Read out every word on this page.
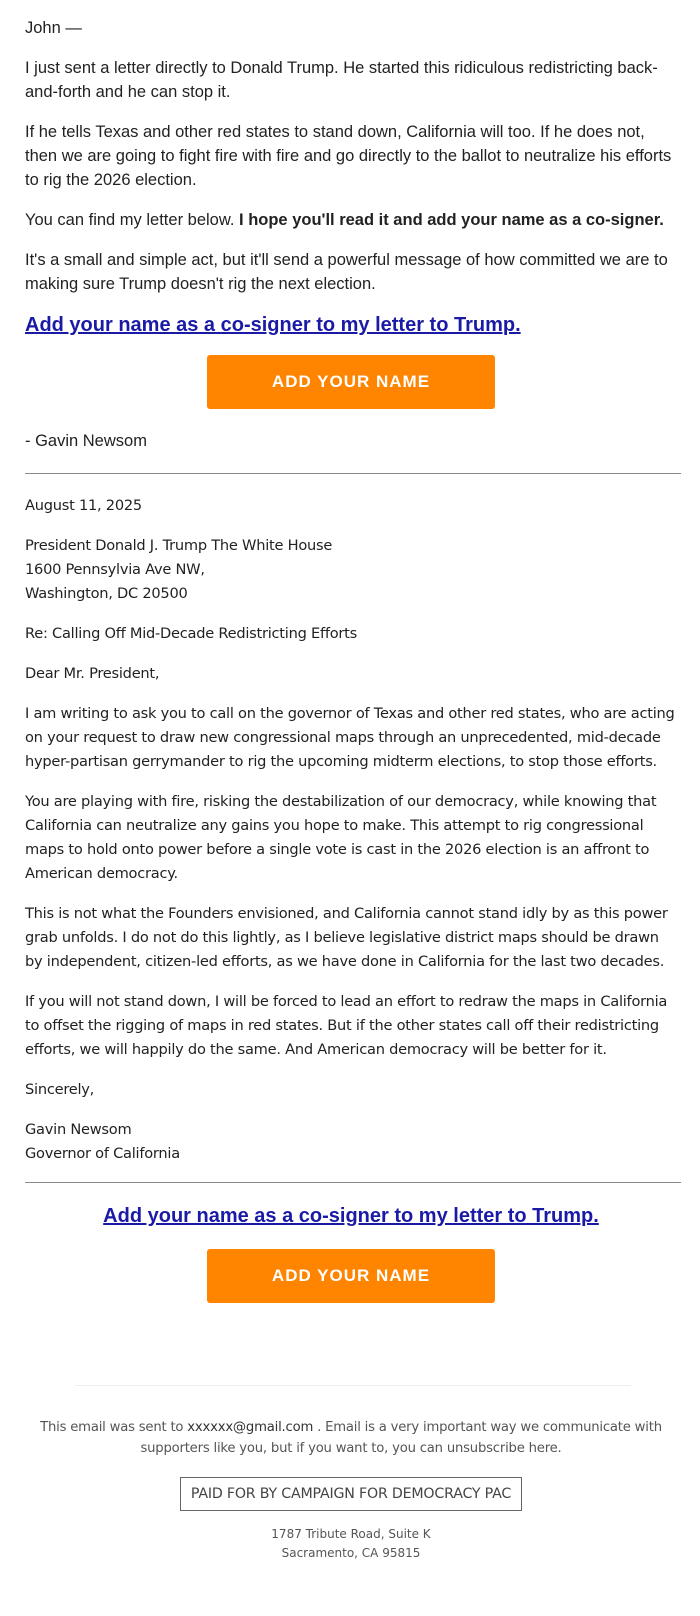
John —

I just sent a letter directly to Donald Trump. He started this ridiculous redistricting back-and-forth and he can stop it.

If he tells Texas and other red states to stand down, California will too. If he does not, then we are going to fight fire with fire and go directly to the ballot to neutralize his efforts to rig the 2026 election.

You can find my letter below. I hope you'll read it and add your name as a co-signer.

It's a small and simple act, but it'll send a powerful message of how committed we are to making sure Trump doesn't rig the next election.

Add your name as a co-signer to my letter to Trump.
ADD YOUR NAME
- Gavin Newsom

August 11, 2025

President Donald J. Trump The White House
1600 Pennsylvia Ave NW,
Washington, DC 20500

Re: Calling Off Mid-Decade Redistricting Efforts

Dear Mr. President,

I am writing to ask you to call on the governor of Texas and other red states, who are acting on your request to draw new congressional maps through an unprecedented, mid-decade hyper-partisan gerrymander to rig the upcoming midterm elections, to stop those efforts.

You are playing with fire, risking the destabilization of our democracy, while knowing that California can neutralize any gains you hope to make. This attempt to rig congressional maps to hold onto power before a single vote is cast in the 2026 election is an affront to American democracy.

This is not what the Founders envisioned, and California cannot stand idly by as this power grab unfolds. I do not do this lightly, as I believe legislative district maps should be drawn by independent, citizen-led efforts, as we have done in California for the last two decades.

If you will not stand down, I will be forced to lead an effort to redraw the maps in California to offset the rigging of maps in red states. But if the other states call off their redistricting efforts, we will happily do the same. And American democracy will be better for it.

Sincerely,

Gavin Newsom
Governor of California

Add your name as a co-signer to my letter to Trump.
ADD YOUR NAME
This email was sent to xxxxxx@gmail.com . Email is a very important way we communicate with supporters like you, but if you want to, you can unsubscribe here.
PAID FOR BY CAMPAIGN FOR DEMOCRACY PAC
1787 Tribute Road, Suite K
Sacramento, CA 95815
